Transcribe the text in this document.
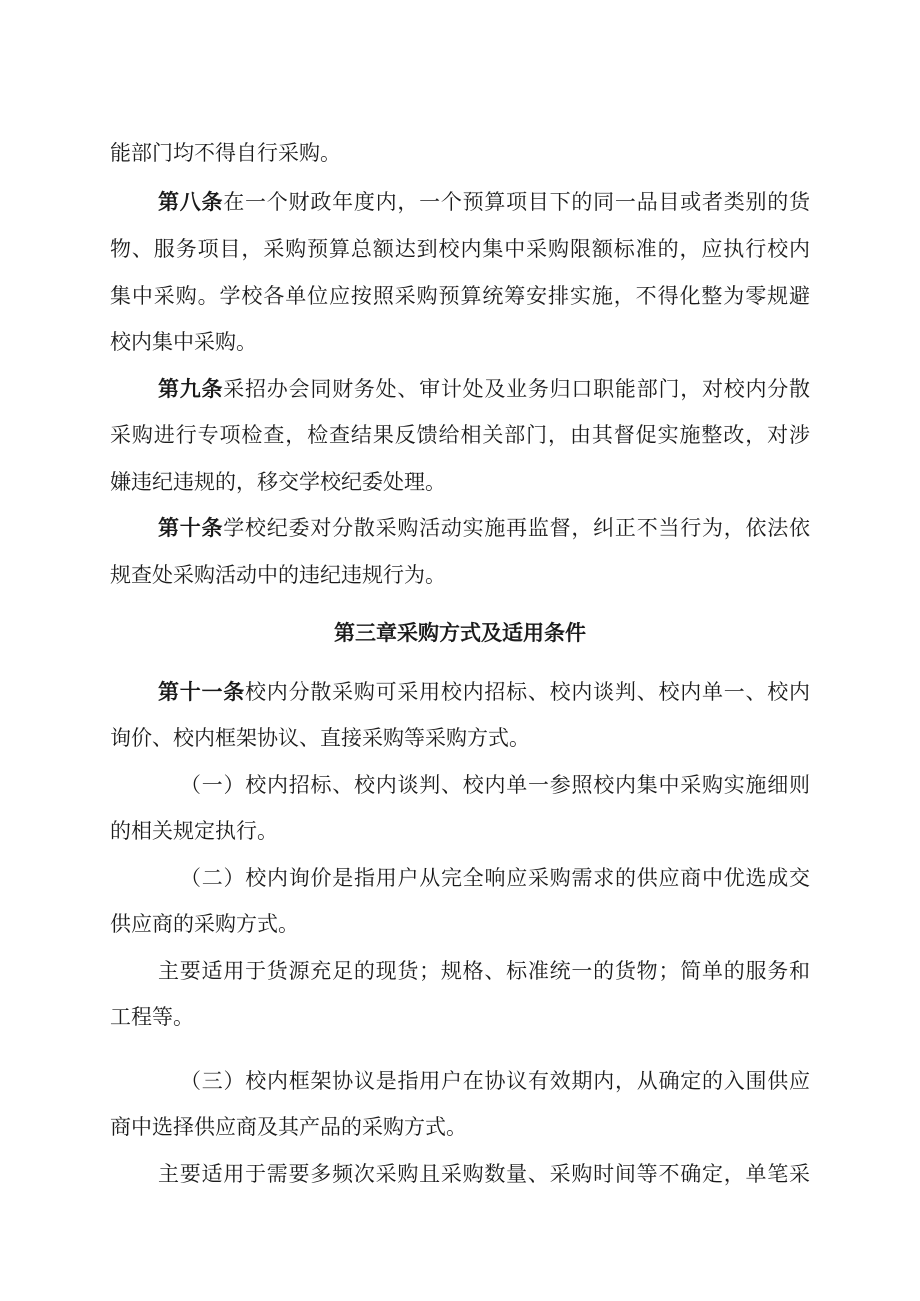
能部门均不得自行采购。
第八条在一个财政年度内，一个预算项目下的同一品目或者类别的货
物、服务项目，采购预算总额达到校内集中采购限额标准的，应执行校内
集中采购。学校各单位应按照采购预算统筹安排实施，不得化整为零规避
校内集中采购。
第九条采招办会同财务处、审计处及业务归口职能部门，对校内分散
采购进行专项检查，检查结果反馈给相关部门，由其督促实施整改，对涉
嫌违纪违规的，移交学校纪委处理。
第十条学校纪委对分散采购活动实施再监督，纠正不当行为，依法依
规查处采购活动中的违纪违规行为。
第三章采购方式及适用条件
第十一条校内分散采购可采用校内招标、校内谈判、校内单一、校内
询价、校内框架协议、直接采购等采购方式。
（一）校内招标、校内谈判、校内单一参照校内集中采购实施细则
的相关规定执行。
（二）校内询价是指用户从完全响应采购需求的供应商中优选成交
供应商的采购方式。
主要适用于货源充足的现货；规格、标准统一的货物；简单的服务和
工程等。
（三）校内框架协议是指用户在协议有效期内，从确定的入围供应
商中选择供应商及其产品的采购方式。
主要适用于需要多频次采购且采购数量、采购时间等不确定，单笔采
